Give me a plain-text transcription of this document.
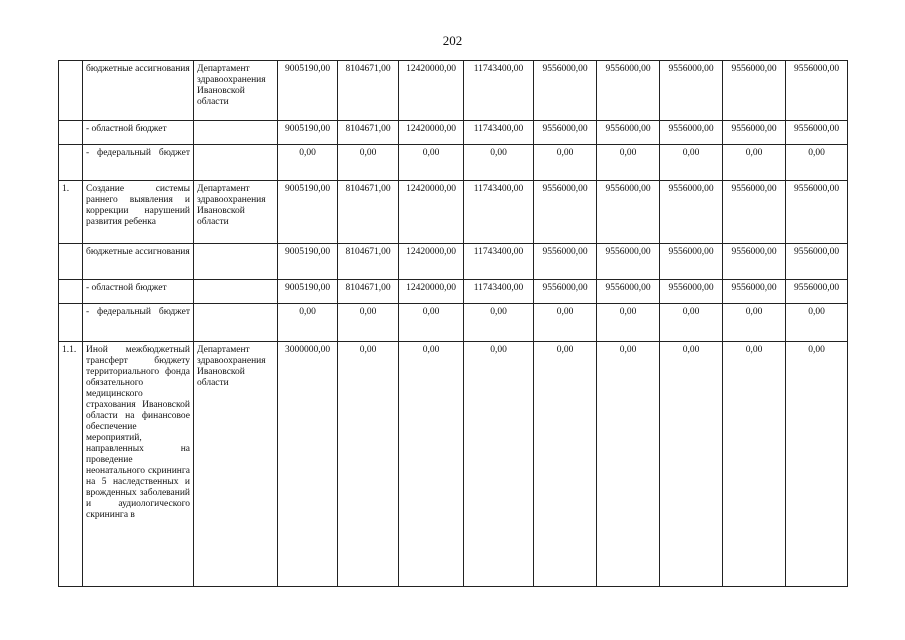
202
	бюджетные ассигнования	Департамент здравоохранения Ивановской области	9005190,00	8104671,00	12420000,00	11743400,00	9556000,00	9556000,00	9556000,00	9556000,00	9556000,00
	- областной бюджет		9005190,00	8104671,00	12420000,00	11743400,00	9556000,00	9556000,00	9556000,00	9556000,00	9556000,00
	- федеральный бюджет		0,00	0,00	0,00	0,00	0,00	0,00	0,00	0,00	0,00
1.	Создание системы раннего выявления и коррекции нарушений развития ребенка	Департамент здравоохранения Ивановской области	9005190,00	8104671,00	12420000,00	11743400,00	9556000,00	9556000,00	9556000,00	9556000,00	9556000,00
	бюджетные ассигнования		9005190,00	8104671,00	12420000,00	11743400,00	9556000,00	9556000,00	9556000,00	9556000,00	9556000,00
	- областной бюджет		9005190,00	8104671,00	12420000,00	11743400,00	9556000,00	9556000,00	9556000,00	9556000,00	9556000,00
	- федеральный бюджет		0,00	0,00	0,00	0,00	0,00	0,00	0,00	0,00	0,00
1.1.	Иной межбюджетный трансферт бюджету территориального фонда обязательного медицинского страхования Ивановской области на финансовое обеспечение мероприятий, направленных на проведение неонатального скрининга на 5 наследственных и врожденных заболеваний и аудиологического скрининга в	Департамент здравоохранения Ивановской области	3000000,00	0,00	0,00	0,00	0,00	0,00	0,00	0,00	0,00
